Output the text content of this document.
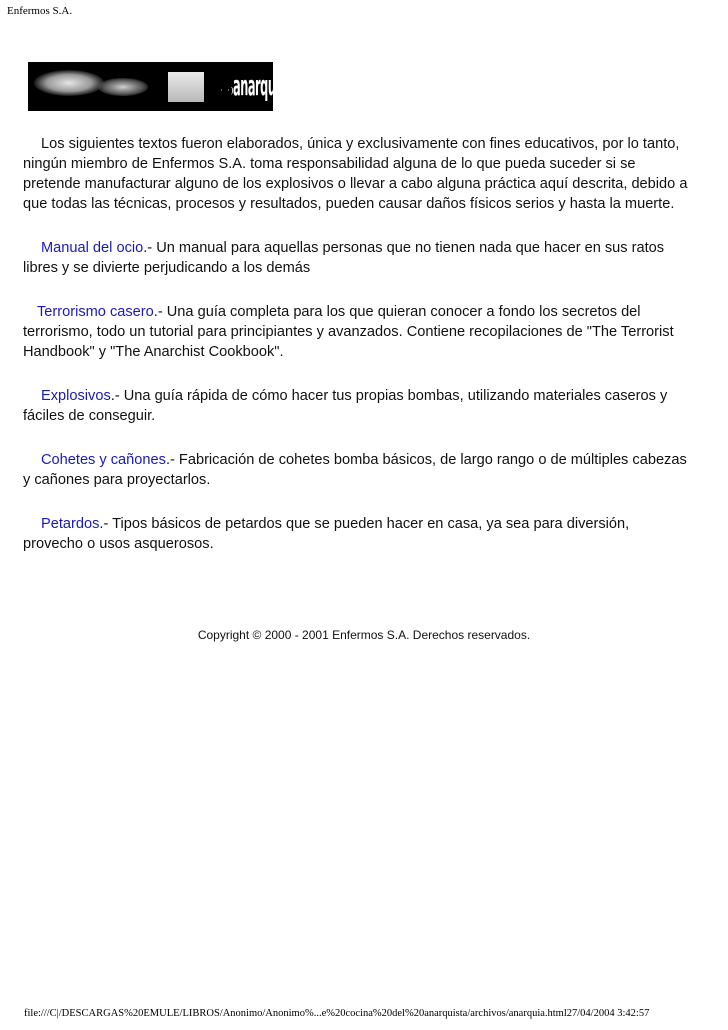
Enfermos S.A.
· ·)
anarquia

Los siguientes textos fueron elaborados, única y exclusivamente con fines educativos, por lo tanto, ningún miembro de Enfermos S.A. toma responsabilidad alguna de lo que pueda suceder si se pretende manufacturar alguno de los explosivos o llevar a cabo alguna práctica aquí descrita, debido a que todas las técnicas, procesos y resultados, pueden causar daños físicos serios y hasta la muerte.

Manual del ocio.- Un manual para aquellas personas que no tienen nada que hacer en sus ratos libres y se divierte perjudicando a los demás

Terrorismo casero.- Una guía completa para los que quieran conocer a fondo los secretos del terrorismo, todo un tutorial para principiantes y avanzados. Contiene recopilaciones de "The Terrorist Handbook" y "The Anarchist Cookbook".

Explosivos.- Una guía rápida de cómo hacer tus propias bombas, utilizando materiales caseros y fáciles de conseguir.

Cohetes y cañones.- Fabricación de cohetes bomba básicos, de largo rango o de múltiples cabezas y cañones para proyectarlos.

Petardos.- Tipos básicos de petardos que se pueden hacer en casa, ya sea para diversión, provecho o usos asquerosos.

Copyright © 2000 - 2001 Enfermos S.A. Derechos reservados.
file:///C|/DESCARGAS%20EMULE/LIBROS/Anonimo/Anonimo%...e%20cocina%20del%20anarquista/archivos/anarquia.html27/04/2004 3:42:57
